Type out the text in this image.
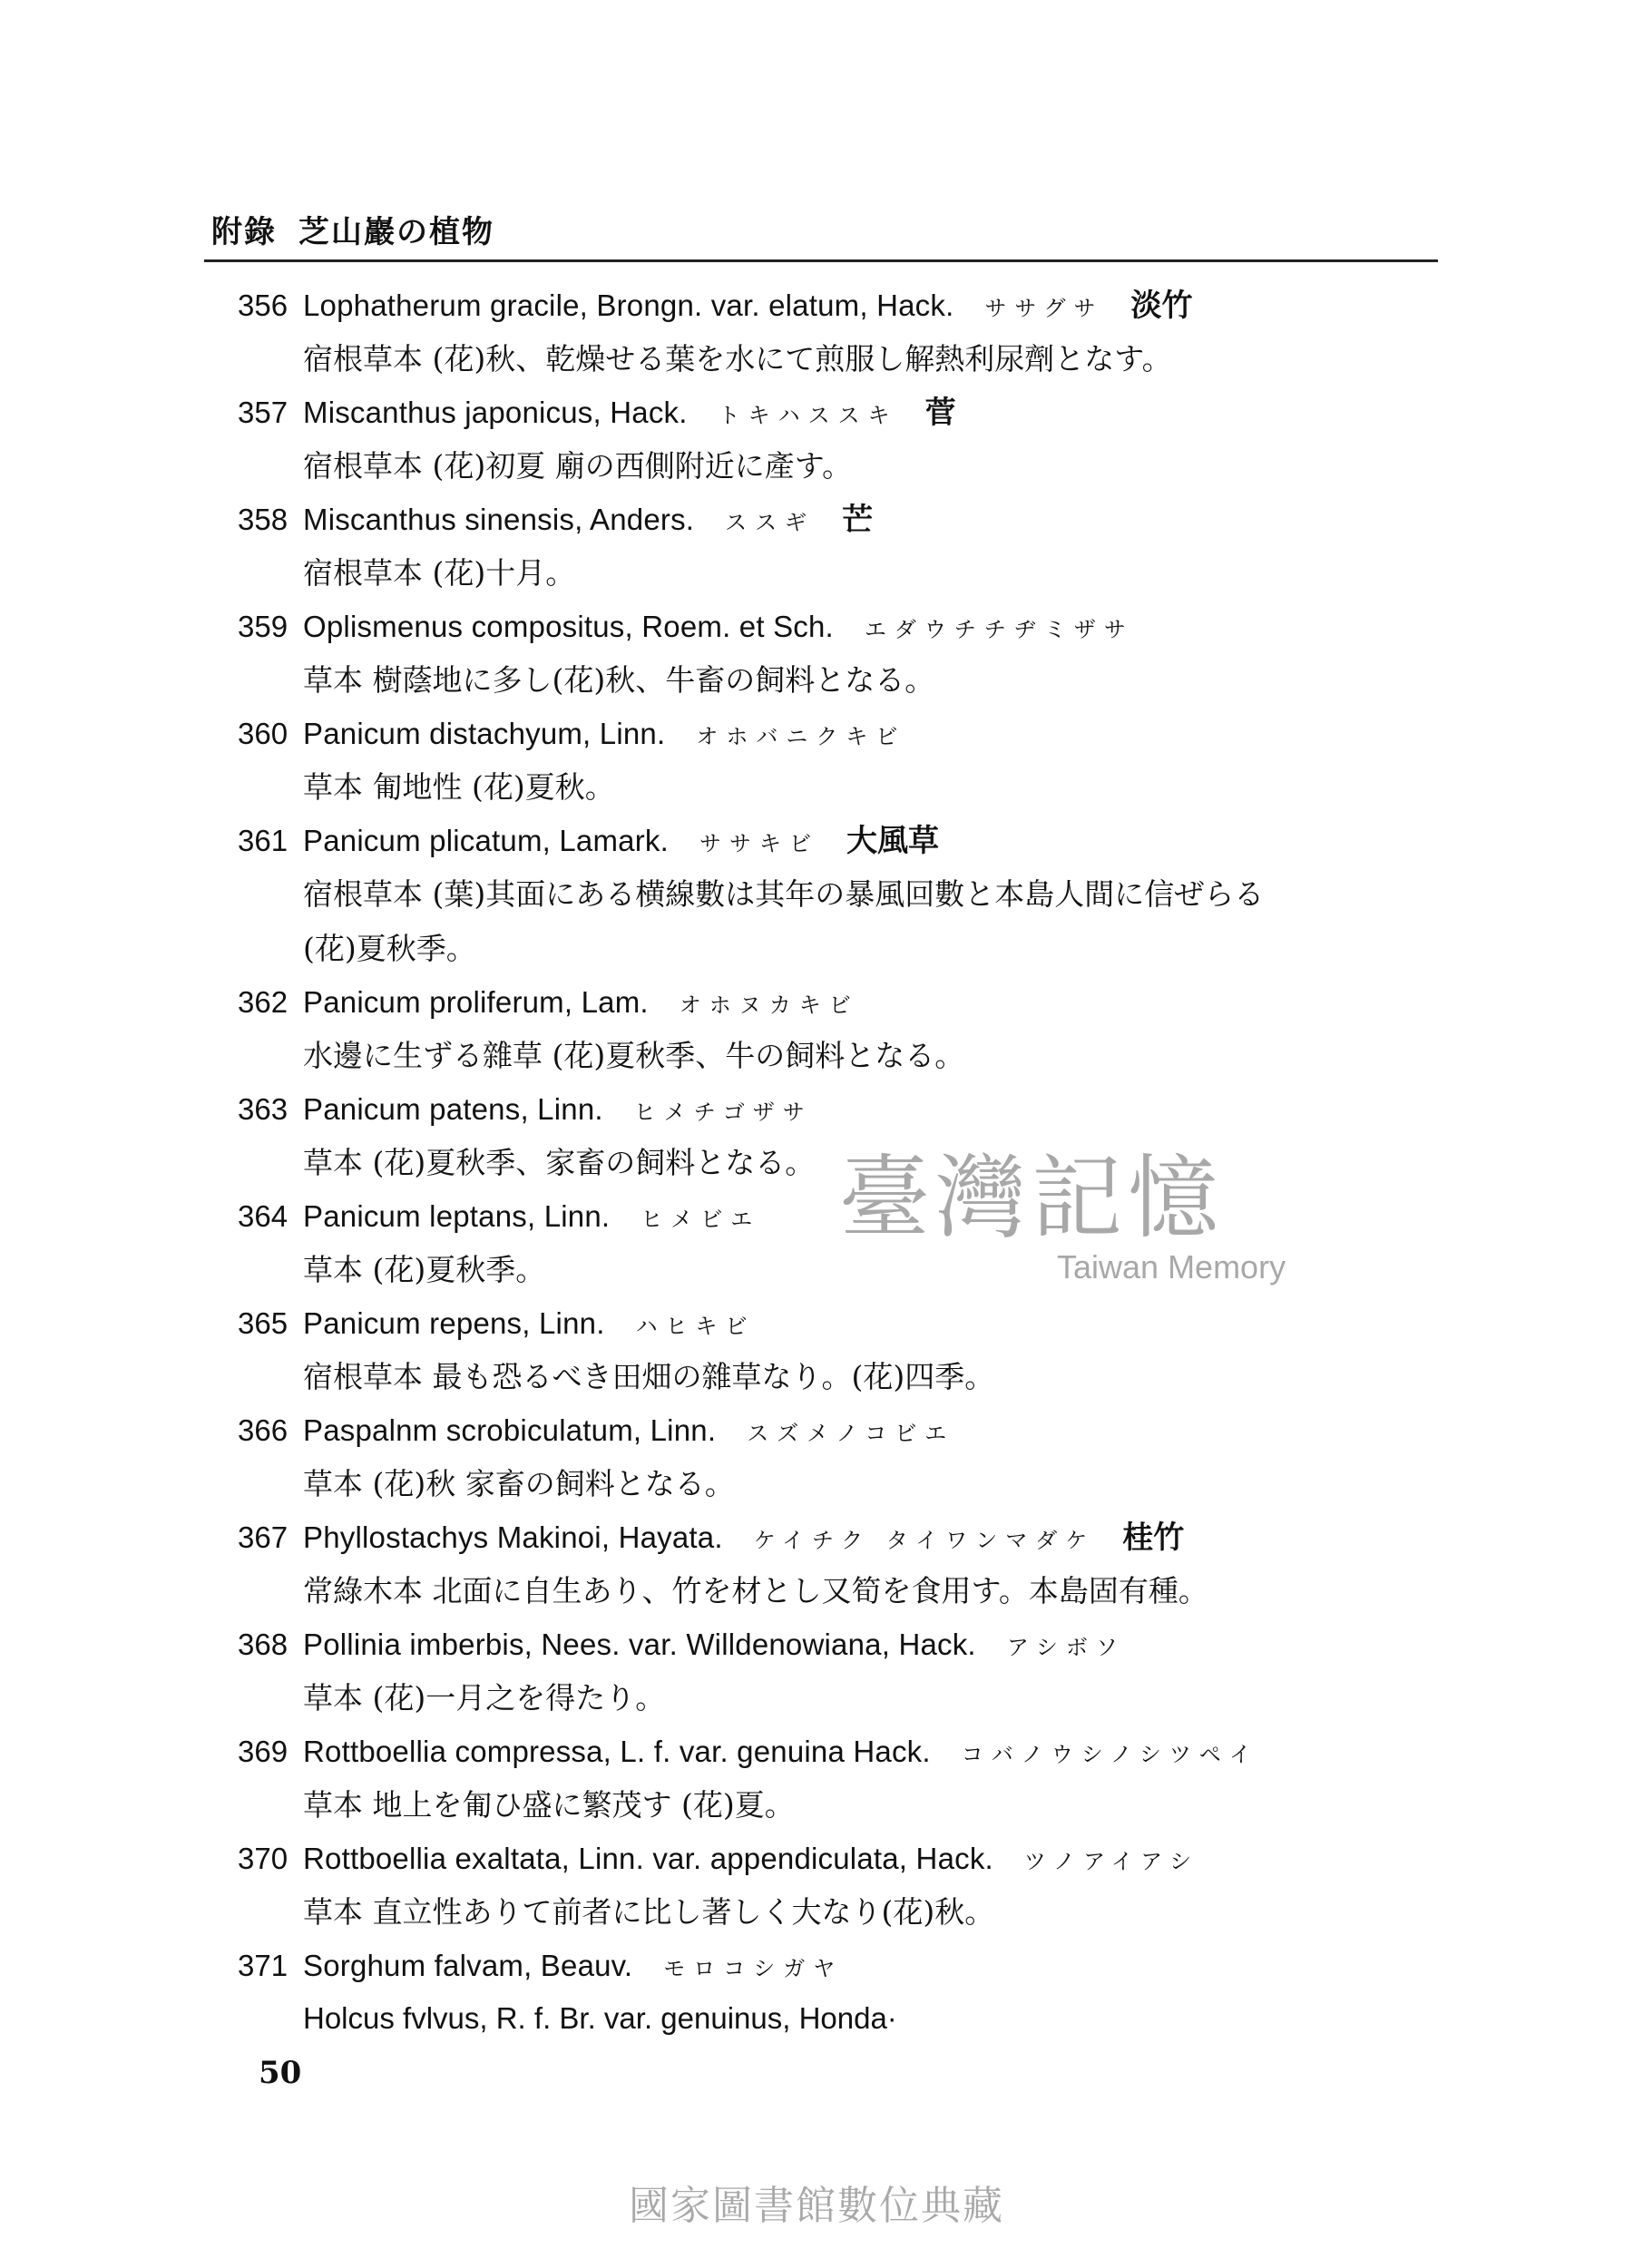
附錄 芝山巖の植物
356 Lophatherum gracile, Brongn. var. elatum, Hack. ササグサ 淡竹
宿根草本 (花)秋、乾燥せる葉を水にて煎服し解熱利尿劑となす。
357 Miscanthus japonicus, Hack. トキハススキ 菅
宿根草本 (花)初夏 廟の西側附近に產す。
358 Miscanthus sinensis, Anders. ススギ 芒
宿根草本 (花)十月。
359 Oplismenus compositus, Roem. et Sch. エダウチチヂミザサ
草本 樹蔭地に多し(花)秋、牛畜の飼料となる。
360 Panicum distachyum, Linn. オホバニクキビ
草本 匍地性 (花)夏秋。
361 Panicum plicatum, Lamark. ササキビ 大風草
宿根草本 (葉)其面にある横線數は其年の暴風回數と本島人間に信ぜらる
(花)夏秋季。
362 Panicum proliferum, Lam. オホヌカキビ
水邊に生ずる雜草 (花)夏秋季、牛の飼料となる。
363 Panicum patens, Linn. ヒメチゴザサ
草本 (花)夏秋季、家畜の飼料となる。
364 Panicum leptans, Linn. ヒメビエ
草本 (花)夏秋季。
365 Panicum repens, Linn. ハヒキビ
宿根草本 最も恐るべき田畑の雜草なり。(花)四季。
366 Paspalnm scrobiculatum, Linn. スズメノコビエ
草本 (花)秋 家畜の飼料となる。
367 Phyllostachys Makinoi, Hayata. ケイチク タイワンマダケ 桂竹
常綠木本 北面に自生あり、竹を材とし又筍を食用す。本島固有種。
368 Pollinia imberbis, Nees. var. Willdenowiana, Hack. アシボソ
草本 (花)一月之を得たり。
369 Rottboellia compressa, L. f. var. genuina Hack. コバノウシノシツペイ
草本 地上を匍ひ盛に繁茂す (花)夏。
370 Rottboellia exaltata, Linn. var. appendiculata, Hack. ツノアイアシ
草本 直立性ありて前者に比し著しく大なり(花)秋。
371 Sorghum falvam, Beauv. モロコシガヤ
Holcus fvlvus, R. f. Br. var. genuinus, Honda·
50
臺灣記憶
Taiwan Memory
國家圖書館數位典藏
